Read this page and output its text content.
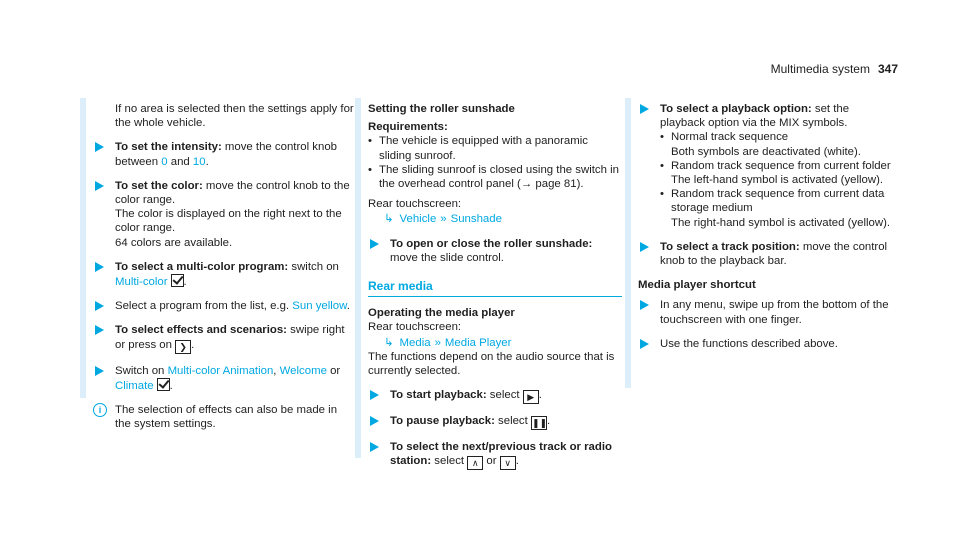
Multimedia system 347
If no area is selected then the settings apply for the whole vehicle.
To set the intensity: move the control knob between 0 and 10.
To set the color: move the control knob to the color range.
The color is displayed on the right next to the color range.
64 colors are available.
To select a multi-color program: switch on Multi-color .
Select a program from the list, e.g. Sun yellow.
To select effects and scenarios: swipe right or press on ❯ .
Switch on Multi-color Animation, Welcome or Climate .
i	The selection of effects can also be made in the system settings.
Setting the roller sunshade
Requirements:
• The vehicle is equipped with a panoramic sliding sunroof.
• The sliding sunroof is closed using the switch in the overhead control panel (→ page 81).
Rear touchscreen:
↳ Vehicle » Sunshade
To open or close the roller sunshade: move the slide control.
Rear media
Operating the media player
Rear touchscreen:
↳ Media » Media Player
The functions depend on the audio source that is currently selected.
To start playback: select ▶ .
To pause playback: select ❚❚.
To select the next/previous track or radio station: select ∧ or ∨ .
To select a playback option: set the playback option via the MIX symbols.
• Normal track sequence
Both symbols are deactivated (white).
• Random track sequence from current folder
The left-hand symbol is activated (yellow).
• Random track sequence from current data storage medium
The right-hand symbol is activated (yellow).
To select a track position: move the control knob to the playback bar.
Media player shortcut
In any menu, swipe up from the bottom of the touchscreen with one finger.
Use the functions described above.
